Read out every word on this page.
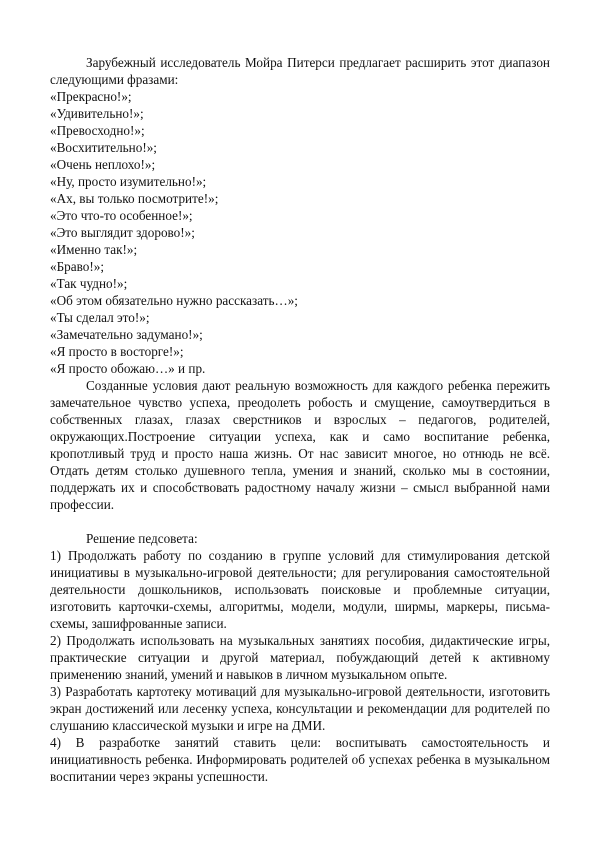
Зарубежный исследователь Мойра Питерси предлагает расширить этот диапазон следующими фразами:

«Прекрасно!»;

«Удивительно!»;

«Превосходно!»;

«Восхитительно!»;

«Очень неплохо!»;

«Ну, просто изумительно!»;

«Ах, вы только посмотрите!»;

«Это что-то особенное!»;

«Это выглядит здорово!»;

«Именно так!»;

«Браво!»;

«Так чудно!»;

«Об этом обязательно нужно рассказать…»;

«Ты сделал это!»;

«Замечательно задумано!»;

«Я просто в восторге!»;

«Я просто обожаю…» и пр.

Созданные условия дают реальную возможность для каждого ребенка пережить замечательное чувство успеха, преодолеть робость и смущение, самоутвердиться в собственных глазах, глазах сверстников и взрослых – педагогов, родителей, окружающих.Построение ситуации успеха, как и само воспитание ребенка, кропотливый труд и просто наша жизнь. От нас зависит многое, но отнюдь не всё. Отдать детям столько душевного тепла, умения и знаний, сколько мы в состоянии, поддержать их и способствовать радостному началу жизни – смысл выбранной нами профессии.

Решение педсовета:

1) Продолжать работу по созданию в группе условий для стимулирования детской инициативы в музыкально-игровой деятельности; для регулирования самостоятельной деятельности дошкольников, использовать поисковые и проблемные ситуации, изготовить карточки-схемы, алгоритмы, модели, модули, ширмы, маркеры, письма-схемы, зашифрованные записи.

2) Продолжать использовать на музыкальных занятиях пособия, дидактические игры, практические ситуации и другой материал, побуждающий детей к активному применению знаний, умений и навыков в личном музыкальном опыте.

3) Разработать картотеку мотиваций для музыкально-игровой деятельности, изготовить экран достижений или лесенку успеха, консультации и рекомендации для родителей по слушанию классической музыки и игре на ДМИ.

4) В разработке занятий ставить цели: воспитывать самостоятельность и инициативность ребенка. Информировать родителей об успехах ребенка в музыкальном воспитании через экраны успешности.
